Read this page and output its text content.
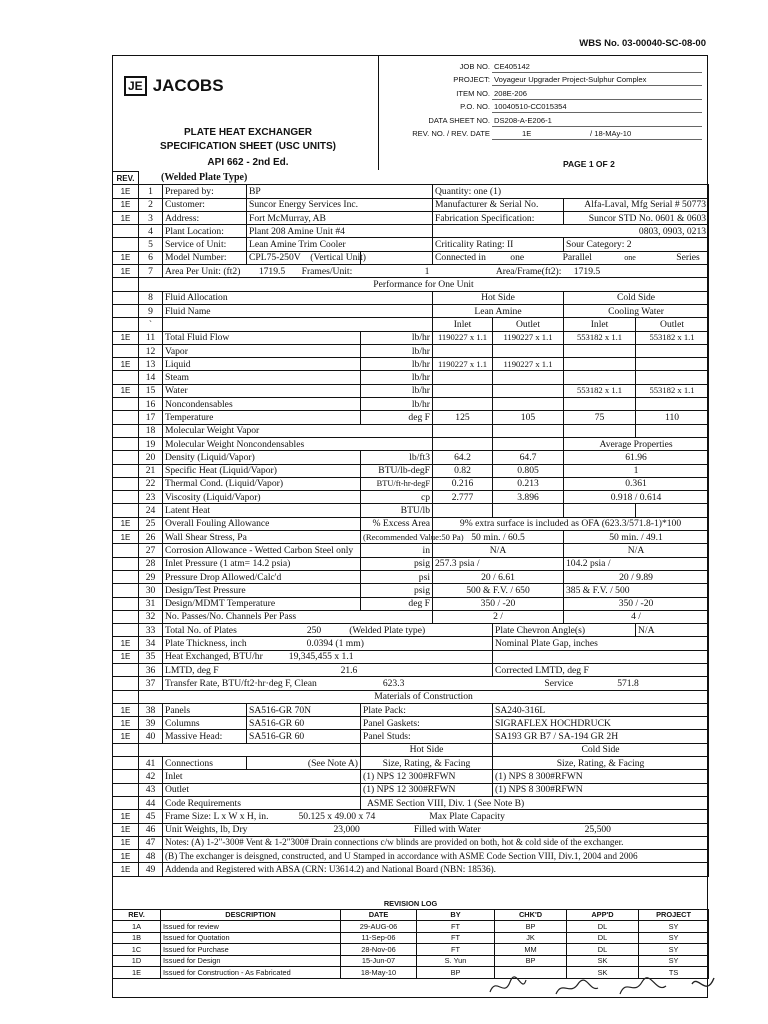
WBS No. 03-00040-SC-08-00
JE JACOBS
PLATE HEAT EXCHANGER
SPECIFICATION SHEET (USC UNITS)
API 662 - 2nd Ed.
JOB NO. CE405142
PROJECT: Voyageur Upgrader Project-Sulphur Complex
ITEM NO. 208E-206
P.O. NO. 10040510-CC015354
DATA SHEET NO. DS208-A-E206-1
REV. NO. / REV. DATE	1E	/ 18-MAy-10
PAGE 1 OF 2
REV.	(Welded Plate Type)							
1E	1	Prepared by:	BP		Quantity: one (1)			
1E	2	Customer:	Suncor Energy Services Inc.		Manufacturer & Serial No.		Alfa-Laval, Mfg Serial # 50773	
1E	3	Address:	Fort McMurray, AB		Fabrication Specification:		Suncor STD No. 0601 & 0603	
	4	Plant Location:	Plant 208 Amine Unit #4		0803, 0903, 0213			
	5	Service of Unit:	Lean Amine Trim Cooler		Criticality Rating: II		Sour Category: 2	
1E	6	Model Number:	CPL75-250V (Vertical Unit)		Connected in one Parallel one Series			
1E	7	Area Per Unit: (ft2) 1719.5 Frames/Unit: 1 Area/Frame(ft2): 1719.5						
	Performance for One Unit							
	8	Fluid Allocation			Hot Side		Cold Side	
	9	Fluid Name			Lean Amine		Cooling Water	
	`				Inlet	Outlet	Inlet	Outlet
1E	11	Total Fluid Flow		lb/hr	1190227 x 1.1	1190227 x 1.1	553182 x 1.1	553182 x 1.1
	12	Vapor		lb/hr				
1E	13	Liquid		lb/hr	1190227 x 1.1	1190227 x 1.1		
	14	Steam		lb/hr				
1E	15	Water		lb/hr			553182 x 1.1	553182 x 1.1
	16	Noncondensables		lb/hr				
	17	Temperature		deg F	125	105	75	110
	18	Molecular Weight Vapor						
	19	Molecular Weight Noncondensables					Average Properties	
	20	Density (Liquid/Vapor)		lb/ft3	64.2	64.7	61.96	
	21	Specific Heat (Liquid/Vapor)		BTU/lb-degF	0.82	0.805	1	
	22	Thermal Cond. (Liquid/Vapor)		BTU/ft-hr-degF	0.216	0.213	0.361	
	23	Viscosity (Liquid/Vapor)		cp	2.777	3.896	0.918 / 0.614	
	24	Latent Heat		BTU/lb				
1E	25	Overall Fouling Allowance		% Excess Area	9% extra surface is included as OFA (623.3/571.8-1)*100			
1E	26	Wall Shear Stress, Pa		(Recommended Value:50 Pa)	50 min. / 60.5		50 min. / 49.1	
	27	Corrosion Allowance - Wetted Carbon Steel only		in	N/A		N/A	
	28	Inlet Pressure (1 atm= 14.2 psia)		psig	257.3 psia /		104.2 psia /	
	29	Pressure Drop Allowed/Calc'd		psi	20 / 6.61		20 / 9.89	
	30	Design/Test Pressure		psig	500 & F.V. / 650		385 & F.V. / 500	
	31	Design/MDMT Temperature		deg F	350 / -20		350 / -20	
	32	No. Passes/No. Channels Per Pass			2 /		4 /	
	33	Total No. of Plates 250 (Welded Plate type)				Plate Chevron Angle(s)		N/A
1E	34	Plate Thickness, inch 0.0394 (1 mm)				Nominal Plate Gap, inches		
1E	35	Heat Exchanged, BTU/hr 19,345,455 x 1.1						
	36	LMTD, deg F 21.6				Corrected LMTD, deg F		
	37	Transfer Rate, BTU/ft2·hr·deg F, Clean 623.3 Service 571.8						
	Materials of Construction							
1E	38	Panels	SA516-GR 70N	Plate Pack:		SA240-316L		
1E	39	Columns	SA516-GR 60	Panel Gaskets:		SIGRAFLEX HOCHDRUCK		
1E	40	Massive Head:	SA516-GR 60	Panel Studs:		SA193 GR B7 / SA-194 GR 2H		
				Hot Side		Cold Side		
	41	Connections	(See Note A)	Size, Rating, & Facing		Size, Rating, & Facing		
	42	Inlet		(1) NPS 12 300#RFWN		(1) NPS 8 300#RFWN		
	43	Outlet		(1) NPS 12 300#RFWN		(1) NPS 8 300#RFWN		
	44	Code Requirements		ASME Section VIII, Div. 1 (See Note B)				
1E	45	Frame Size: L x W x H, in. 50.125 x 49.00 x 74 Max Plate Capacity						
1E	46	Unit Weights, lb, Dry 23,000 Filled with Water 25,500						
1E	47	Notes: (A) 1-2"-300# Vent & 1-2"300# Drain connections c/w blinds are provided on both, hot & cold side of the exchanger.						
1E	48	(B) The exchanger is deisgned, constructed, and U Stamped in accordance with ASME Code Section VIII, Div.1, 2004 and 2006						
1E	49	Addenda and Registered with ABSA (CRN: U3614.2) and National Board (NBN: 18536).						
REVISION LOG						
REV.	DESCRIPTION	DATE	BY	CHK'D	APP'D	PROJECT
1A	Issued for review	29-AUG-06	FT	BP	DL	SY
1B	Issued for Quotation	11-Sep-06	FT	JK	DL	SY
1C	Issued for Purchase	28-Nov-06	FT	MM	DL	SY
1D	Issued for Design	15-Jun-07	S. Yun	BP	SK	SY
1E	Issued for Construction - As Fabricated	18-May-10	BP		SK	TS
